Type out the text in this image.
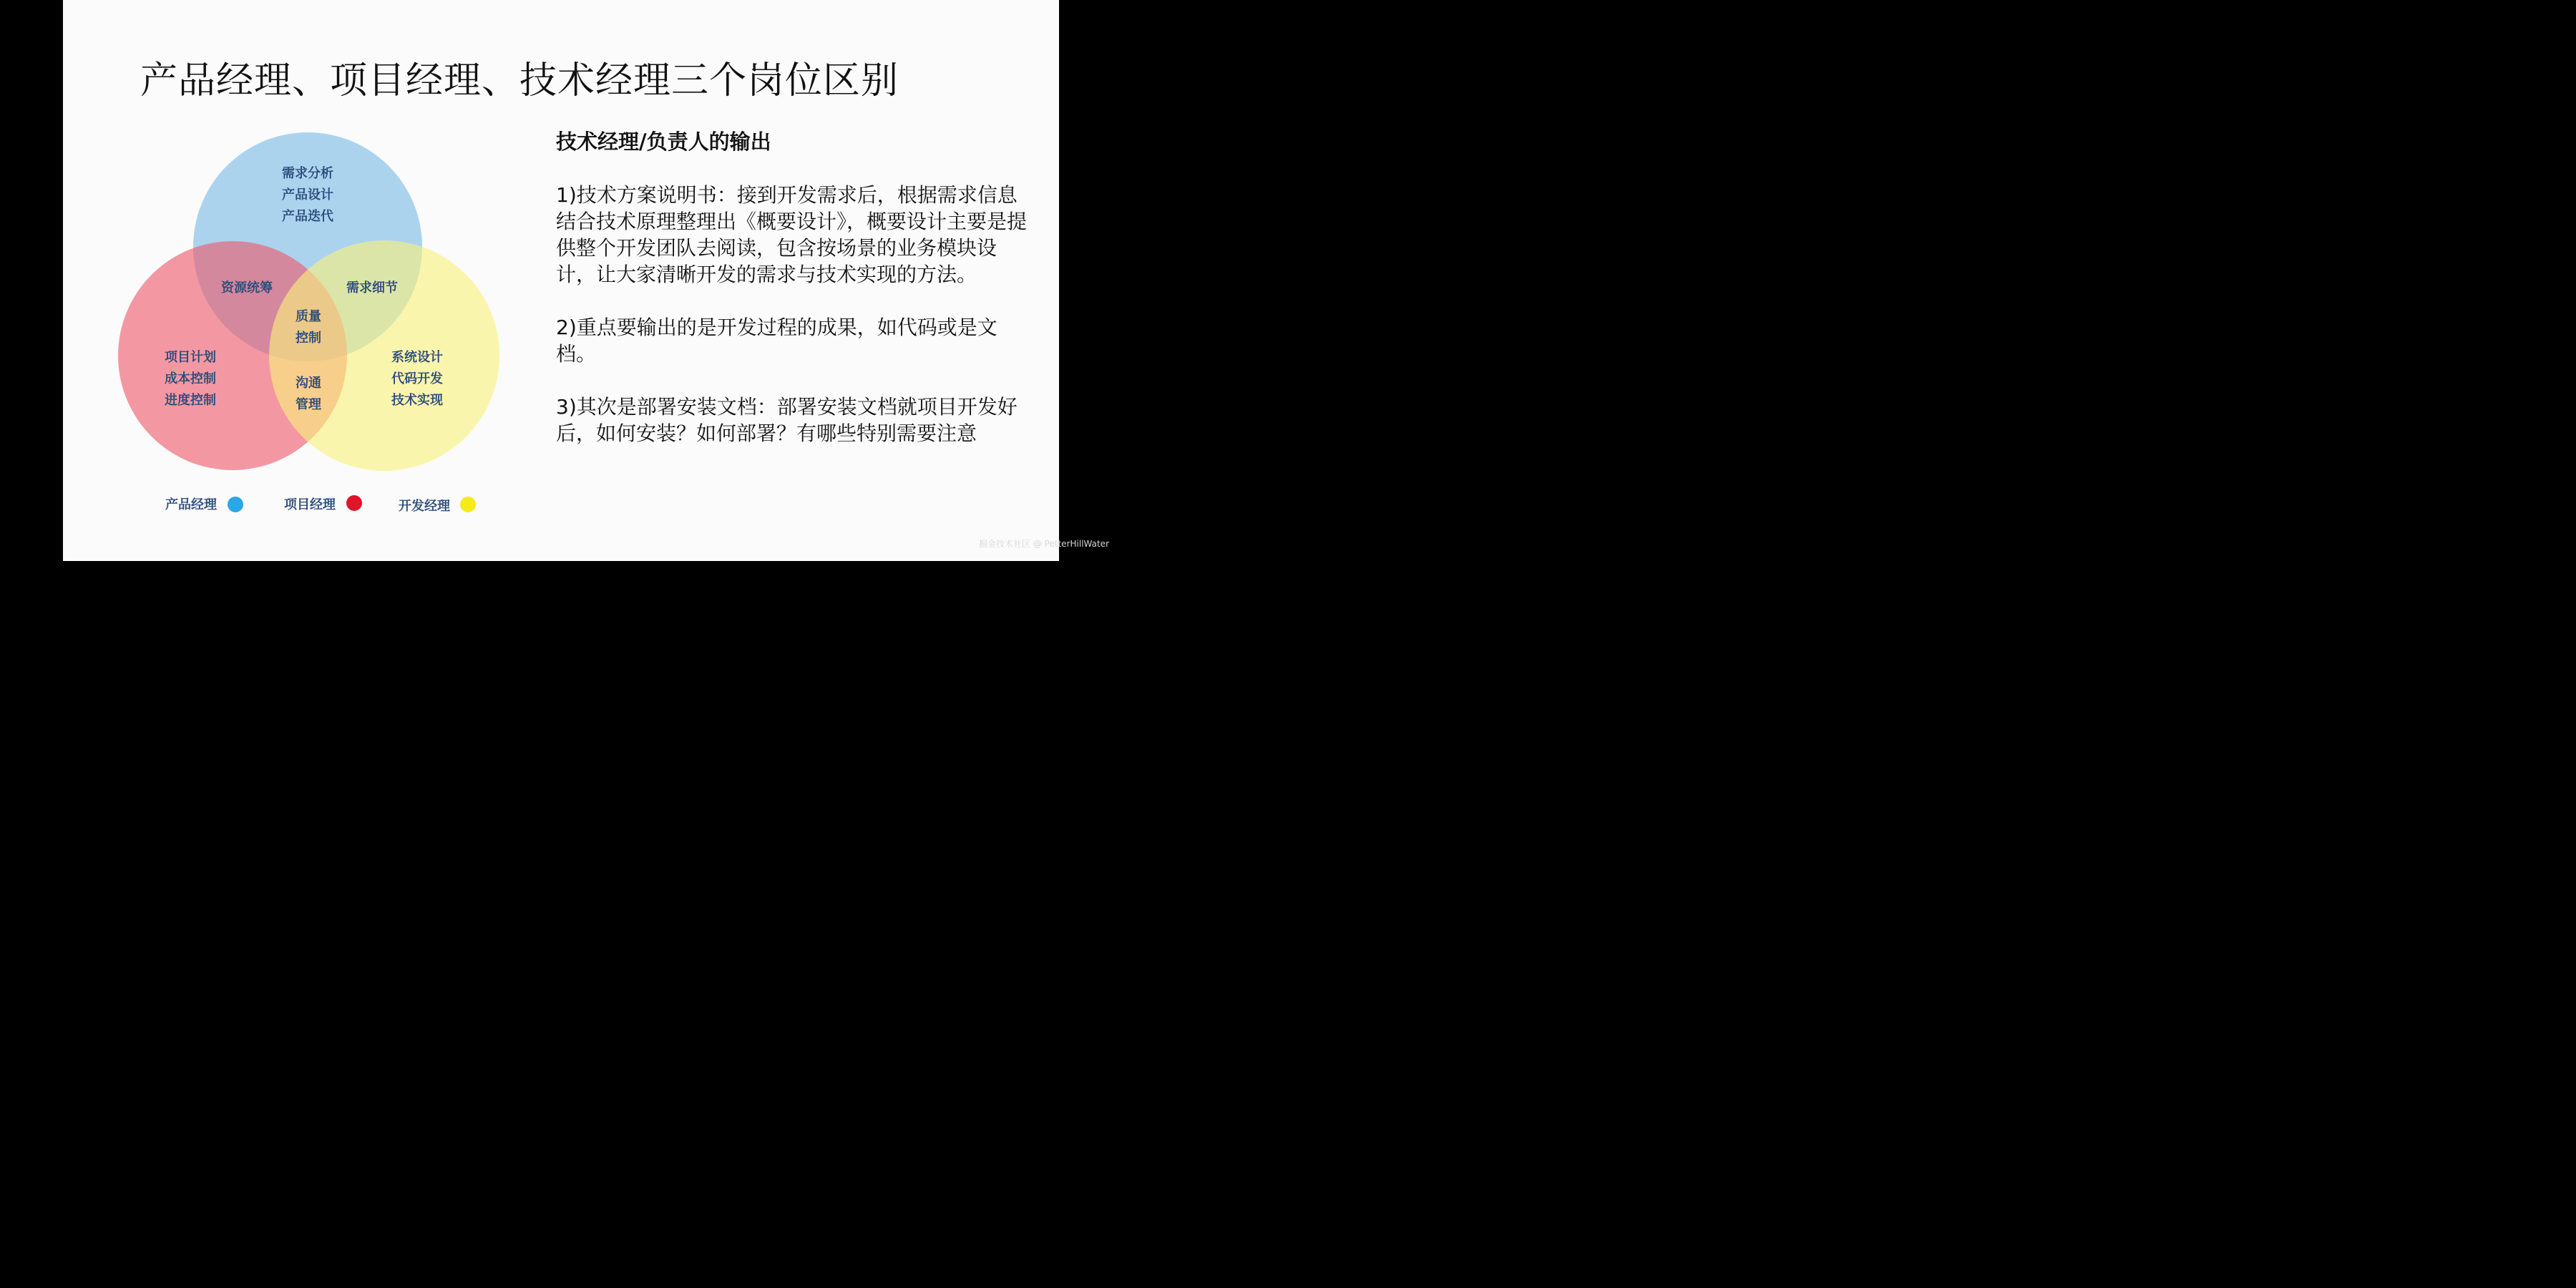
产品经理、项目经理、技术经理三个岗位区别
需求分析
产品设计
产品迭代
资源统筹	需求细节
质量
控制
沟通
管理
项目计划
成本控制
进度控制
系统设计
代码开发
技术实现
产品经理	项目经理	开发经理
技术经理/负责人的输出
1)技术方案说明书：接到开发需求后，根据需求信息结合技术原理整理出《概要设计》，概要设计主要是提供整个开发团队去阅读，包含按场景的业务模块设计，让大家清晰开发的需求与技术实现的方法。
2)重点要输出的是开发过程的成果，如代码或是文档。
3)其次是部署安装文档：部署安装文档就项目开发好后，如何安装？如何部署？有哪些特别需要注意
掘金技术社区 @ PetterHillWater
